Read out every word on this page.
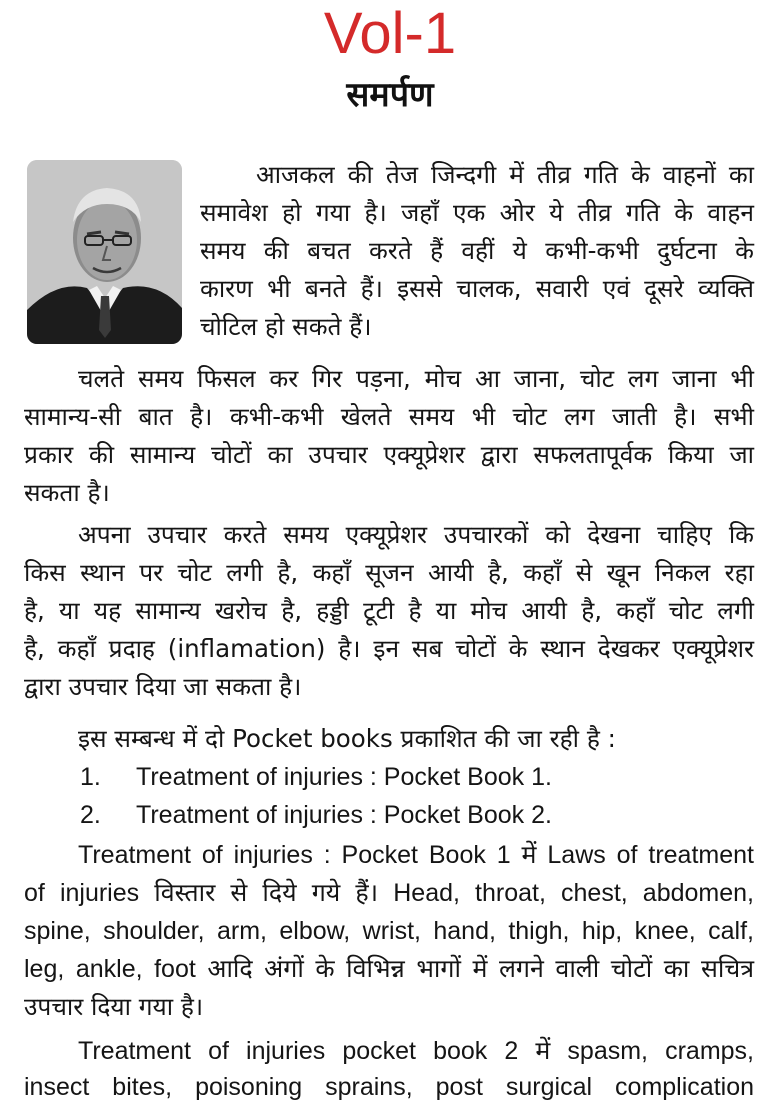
Vol-1
समर्पण
आजकल की तेज जिन्दगी में तीव्र गति के वाहनों का
समावेश हो गया है। जहाँ एक ओर ये तीव्र गति के वाहन
समय की बचत करते हैं वहीं ये कभी-कभी दुर्घटना के
कारण भी बनते हैं। इससे चालक, सवारी एवं दूसरे व्यक्ति
चोटिल हो सकते हैं।
चलते समय फिसल कर गिर पड़ना, मोच आ जाना, चोट लग जाना भी
सामान्य-सी बात है। कभी-कभी खेलते समय भी चोट लग जाती है। सभी
प्रकार की सामान्य चोटों का उपचार एक्यूप्रेशर द्वारा सफलतापूर्वक किया जा
सकता है।
अपना उपचार करते समय एक्यूप्रेशर उपचारकों को देखना चाहिए कि
किस स्थान पर चोट लगी है, कहाँ सूजन आयी है, कहाँ से खून निकल रहा
है, या यह सामान्य खरोच है, हड्डी टूटी है या मोच आयी है, कहाँ चोट लगी
है, कहाँ प्रदाह (inflamation) है। इन सब चोटों के स्थान देखकर एक्यूप्रेशर
द्वारा उपचार दिया जा सकता है।
इस सम्बन्ध में दो Pocket books प्रकाशित की जा रही है :
1. Treatment of injuries : Pocket Book 1.
2. Treatment of injuries : Pocket Book 2.
Treatment of injuries : Pocket Book 1 में Laws of treatment
of injuries विस्तार से दिये गये हैं। Head, throat, chest, abdomen,
spine, shoulder, arm, elbow, wrist, hand, thigh, hip, knee, calf,
leg, ankle, foot आदि अंगों के विभिन्न भागों में लगने वाली चोटों का सचित्र
उपचार दिया गया है।
Treatment of injuries pocket book 2 में spasm, cramps,
insect bites, poisoning sprains, post surgical complication
